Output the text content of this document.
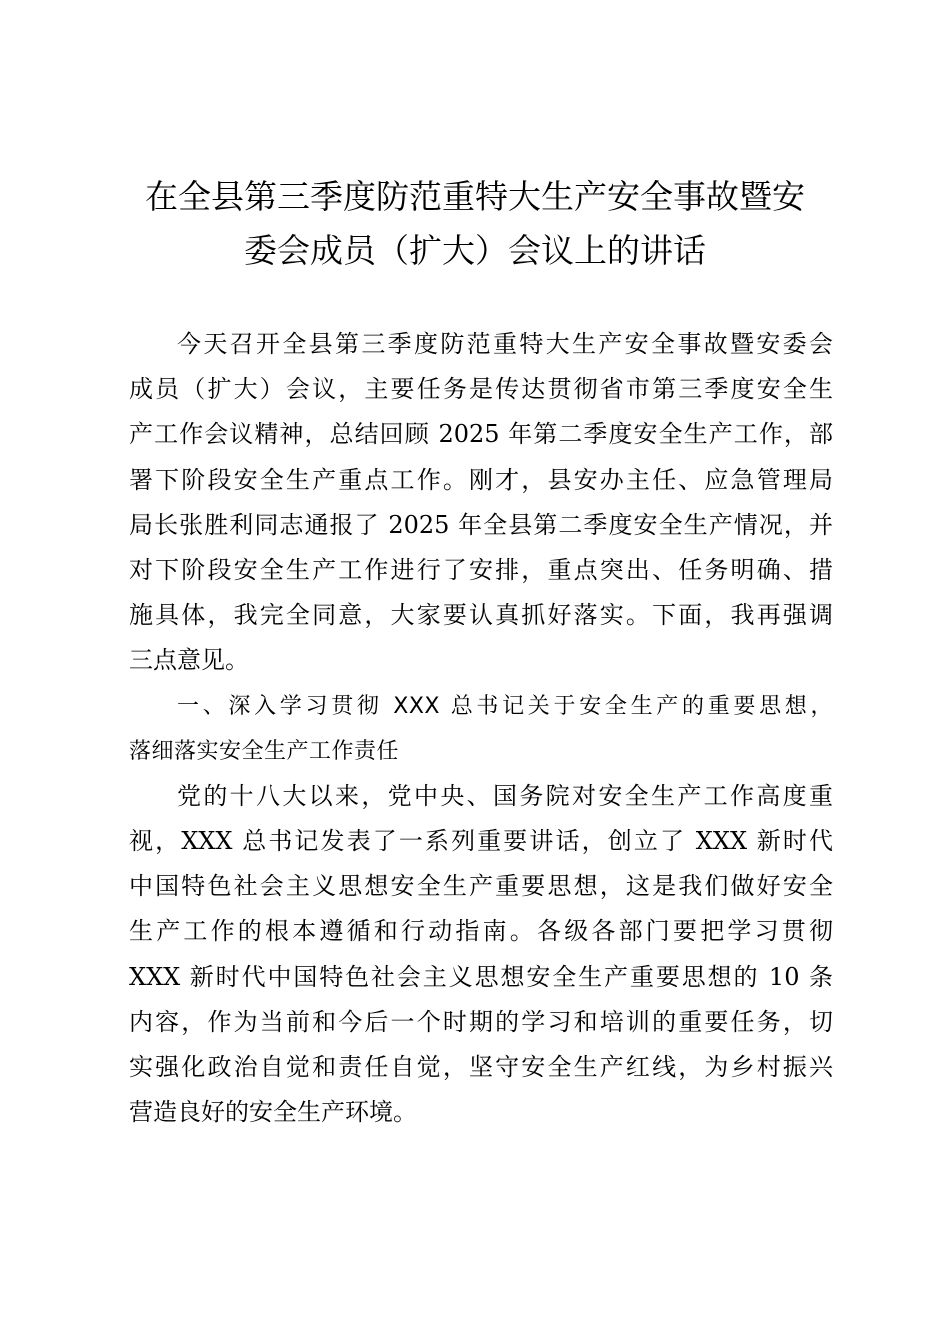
在全县第三季度防范重特大生产安全事故暨安
委会成员（扩大）会议上的讲话
今天召开全县第三季度防范重特大生产安全事故暨安委会
成员（扩大）会议，主要任务是传达贯彻省市第三季度安全生
产工作会议精神，总结回顾 2025 年第二季度安全生产工作，部
署下阶段安全生产重点工作。刚才，县安办主任、应急管理局
局长张胜利同志通报了 2025 年全县第二季度安全生产情况，并
对下阶段安全生产工作进行了安排，重点突出、任务明确、措
施具体，我完全同意，大家要认真抓好落实。下面，我再强调
三点意见。
一、深入学习贯彻 XXX 总书记关于安全生产的重要思想，
落细落实安全生产工作责任
党的十八大以来，党中央、国务院对安全生产工作高度重
视，XXX 总书记发表了一系列重要讲话，创立了 XXX 新时代
中国特色社会主义思想安全生产重要思想，这是我们做好安全
生产工作的根本遵循和行动指南。各级各部门要把学习贯彻
XXX 新时代中国特色社会主义思想安全生产重要思想的 10 条
内容，作为当前和今后一个时期的学习和培训的重要任务，切
实强化政治自觉和责任自觉，坚守安全生产红线，为乡村振兴
营造良好的安全生产环境。
